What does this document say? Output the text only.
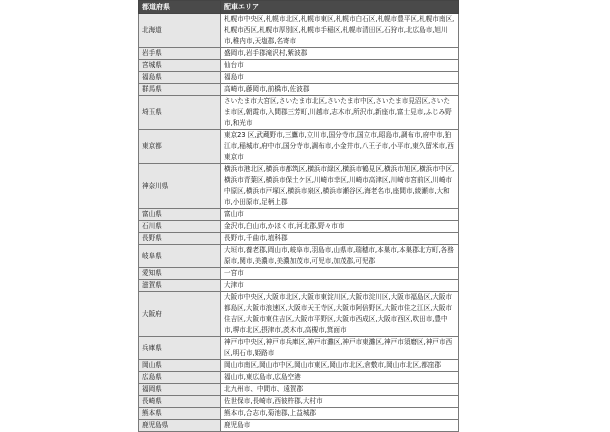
都道府県	配車エリア
北海道	札幌市中央区,札幌市北区,札幌市東区,札幌市白石区,札幌市豊平区,札幌市南区,札幌市西区,札幌市厚別区,札幌市手稲区,札幌市清田区,石狩市,北広島市,旭川市,稚内市,天塩郡,名寄市
岩手県	盛岡市,岩手郡滝沢村,紫波郡
宮城県	仙台市
福島県	福島市
群馬県	高崎市,藤岡市,前橋市,佐波郡
埼玉県	さいたま市大宮区,さいたま市北区,さいたま市中区,さいたま市見沼区,さいたま市区,朝霞市,入間郡三芳町,川越市,志木市,所沢市,新座市,富士見市,ふじみ野市,和光市
東京都	東京23 区,武蔵野市,三鷹市,立川市,国分寺市,国立市,昭島市,調布市,府中市,狛江市,稲城市,府中市,国分寺市,調布市,小金井市,八王子市,小平市,東久留米市,西東京市
神奈川県	横浜市港北区,横浜市都筑区,横浜市緑区,横浜市鶴見区,横浜市旭区,横浜市中区,横浜市青葉区,横浜市保土ケ区,川崎市幸区,川崎市高津区,川崎市宮前区,川崎市中原区,横浜市戸塚区,横浜市泉区,横浜市瀬谷区,海老名市,座間市,綾瀬市,大和市,小田原市,足柄上郡
富山県	富山市
石川県	金沢市,白山市,かほく市,河北郡,野々市市
長野県	長野市,千曲市,埴科郡
岐阜県	大垣市,養老郡,岡山市,岐阜市,羽島市,山県市,瑞穂市,本巣市,本巣郡北方町,各務原市,関市,美濃市,美濃加茂市,可児市,加茂郡,可児郡
愛知県	一宮市
滋賀県	大津市
大阪府	大阪市中央区,大阪市北区,大阪市東淀川区,大阪市淀川区,大阪市福島区,大阪市都島区,大阪市浪速区,大阪市天王寺区,大阪市阿倍野区,大阪市住之江区,大阪市住吉区,大阪市東住吉区,大阪市平野区,大阪市西成区,大阪市西区,吹田市,豊中市,堺市北区,摂津市,茨木市,高槻市,箕面市
兵庫県	神戸市中央区,神戸市兵庫区,神戸市灘区,神戸市東灘区,神戸市須磨区,神戸市西区,明石市,姫路市
岡山県	岡山市南区,岡山市中区,岡山市東区,岡山市北区,倉敷市,岡山市北区,都窪郡
広島県	福山市,東広島市,広島空港
福岡県	北九州市、中間市、遠賀郡
長崎県	佐世保市,長崎市,西彼杵郡,大村市
熊本県	熊本市,合志市,菊池郡,上益城郡
鹿児島県	鹿児島市
